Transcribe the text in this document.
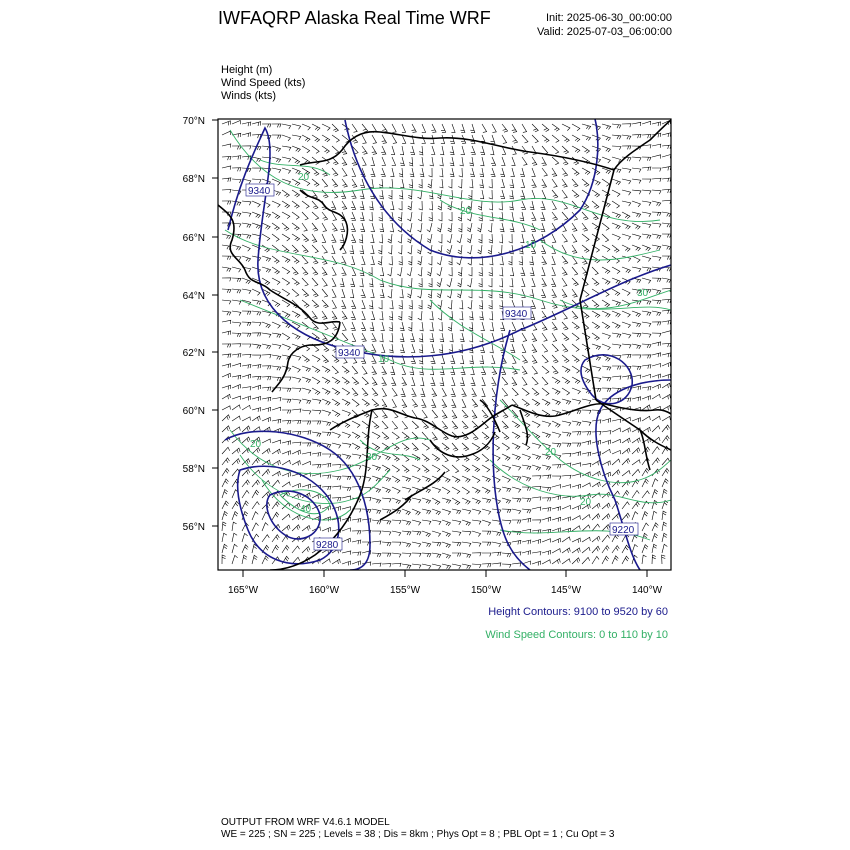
IWFAQRP Alaska Real Time WRF	Init: 2025-06-30_00:00:00
Valid: 2025-07-03_06:00:00
Height (m)
Wind Speed (kts)
Winds (kts)
70°N
68°N
66°N
64°N
62°N
60°N
58°N
56°N
165°W	160°W	155°W	150°W	145°W	140°W
9340
9340
9340
9220
9280
20
10
20
30
10
20
20
20
30
40
Height Contours: 9100 to 9520 by 60
Wind Speed Contours: 0 to 110 by 10
OUTPUT FROM WRF V4.6.1 MODEL
WE = 225 ; SN = 225 ; Levels = 38 ; Dis = 8km ; Phys Opt = 8 ; PBL Opt = 1 ; Cu Opt = 3
